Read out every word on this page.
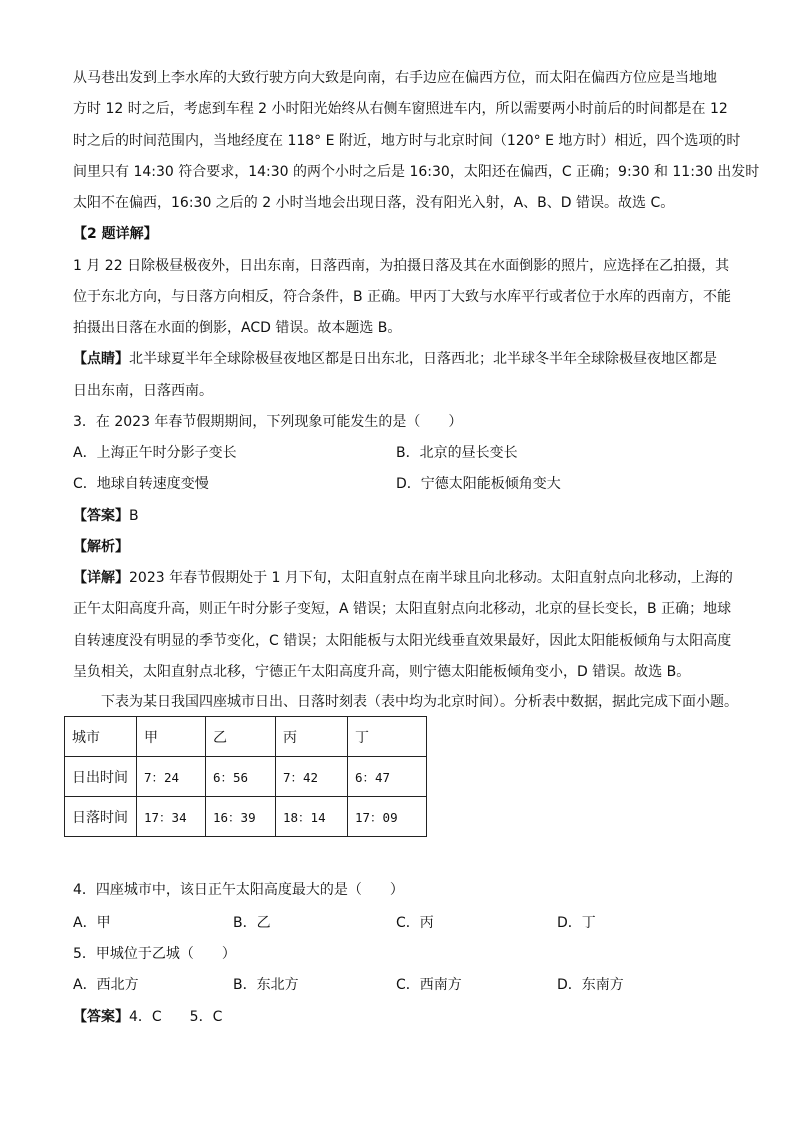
从马巷出发到上李水库的大致行驶方向大致是向南，右手边应在偏西方位，而太阳在偏西方位应是当地地
方时 12 时之后，考虑到车程 2 小时阳光始终从右侧车窗照进车内，所以需要两小时前后的时间都是在 12
时之后的时间范围内，当地经度在 118° E 附近，地方时与北京时间（120° E 地方时）相近，四个选项的时
间里只有 14:30 符合要求，14:30 的两个小时之后是 16:30，太阳还在偏西，C 正确；9:30 和 11:30 出发时
太阳不在偏西，16:30 之后的 2 小时当地会出现日落，没有阳光入射，A、B、D 错误。故选 C。
【2 题详解】
1 月 22 日除极昼极夜外，日出东南，日落西南，为拍摄日落及其在水面倒影的照片，应选择在乙拍摄，其
位于东北方向，与日落方向相反，符合条件，B 正确。甲丙丁大致与水库平行或者位于水库的西南方，不能
拍摄出日落在水面的倒影，ACD 错误。故本题选 B。
【点睛】北半球夏半年全球除极昼夜地区都是日出东北，日落西北；北半球冬半年全球除极昼夜地区都是
日出东南，日落西南。
3．在 2023 年春节假期期间，下列现象可能发生的是（　　）
A．上海正午时分影子变长	B．北京的昼长变长
C．地球自转速度变慢	D．宁德太阳能板倾角变大
【答案】B
【解析】
【详解】2023 年春节假期处于 1 月下旬，太阳直射点在南半球且向北移动。太阳直射点向北移动，上海的
正午太阳高度升高，则正午时分影子变短，A 错误；太阳直射点向北移动，北京的昼长变长，B 正确；地球
自转速度没有明显的季节变化，C 错误；太阳能板与太阳光线垂直效果最好，因此太阳能板倾角与太阳高度
呈负相关，太阳直射点北移，宁德正午太阳高度升高，则宁德太阳能板倾角变小，D 错误。故选 B。
下表为某日我国四座城市日出、日落时刻表（表中均为北京时间）。分析表中数据，据此完成下面小题。
城市	甲	乙	丙	丁
日出时间	7：24	6：56	7：42	6：47
日落时间	17：34	16：39	18：14	17：09
4．四座城市中，该日正午太阳高度最大的是（　　）
A．甲	B．乙	C．丙	D．丁
5．甲城位于乙城（　　）
A．西北方	B．东北方	C．西南方	D．东南方
【答案】4．C　　5．C
